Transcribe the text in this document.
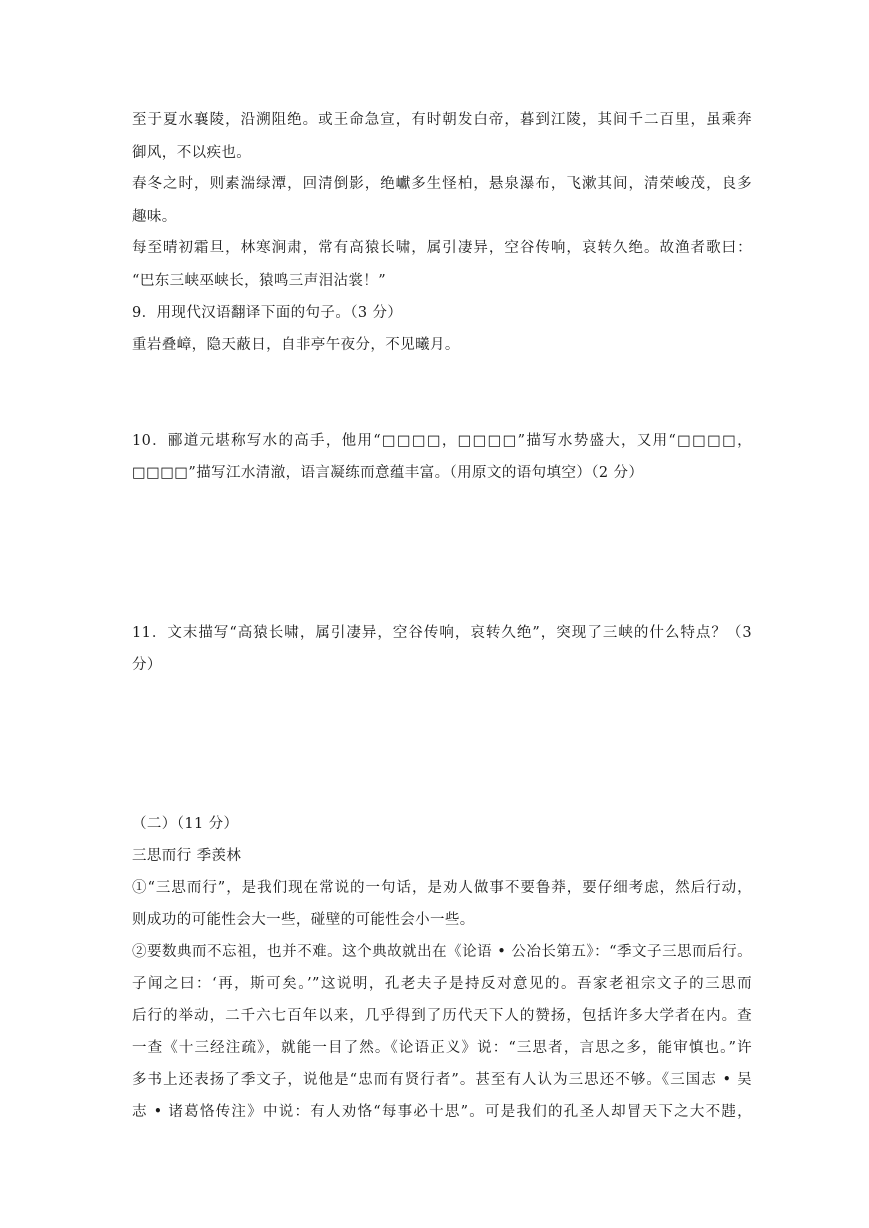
至于夏水襄陵，沿溯阻绝。或王命急宣，有时朝发白帝，暮到江陵，其间千二百里，虽乘奔
御风，不以疾也。
春冬之时，则素湍绿潭，回清倒影，绝巘多生怪柏，悬泉瀑布，飞漱其间，清荣峻茂，良多
趣味。
每至晴初霜旦，林寒涧肃，常有高猿长啸，属引凄异，空谷传响，哀转久绝。故渔者歌曰：
“巴东三峡巫峡长，猿鸣三声泪沾裳！”
9．用现代汉语翻译下面的句子。（3 分）
重岩叠嶂，隐天蔽日，自非亭午夜分，不见曦月。
10．郦道元堪称写水的高手，他用“□□□□，□□□□”描写水势盛大，又用“□□□□，
□□□□”描写江水清澈，语言凝练而意蕴丰富。（用原文的语句填空）（2 分）
11．文末描写“高猿长啸，属引凄异，空谷传响，哀转久绝”，突现了三峡的什么特点？（3
分）
（二）（11 分）
三思而行 季羡林
①“三思而行”，是我们现在常说的一句话，是劝人做事不要鲁莽，要仔细考虑，然后行动，
则成功的可能性会大一些，碰壁的可能性会小一些。
②要数典而不忘祖，也并不难。这个典故就出在《论语 • 公冶长第五》：“季文子三思而后行。
子闻之曰：‘再，斯可矣。’”这说明，孔老夫子是持反对意见的。吾家老祖宗文子的三思而
后行的举动，二千六七百年以来，几乎得到了历代天下人的赞扬，包括许多大学者在内。查
一查《十三经注疏》，就能一目了然。《论语正义》说：“三思者，言思之多，能审慎也。”许
多书上还表扬了季文子，说他是“忠而有贤行者”。甚至有人认为三思还不够。《三国志 • 吴
志 • 诸葛恪传注》中说：有人劝恪“每事必十思”。可是我们的孔圣人却冒天下之大不韪，
